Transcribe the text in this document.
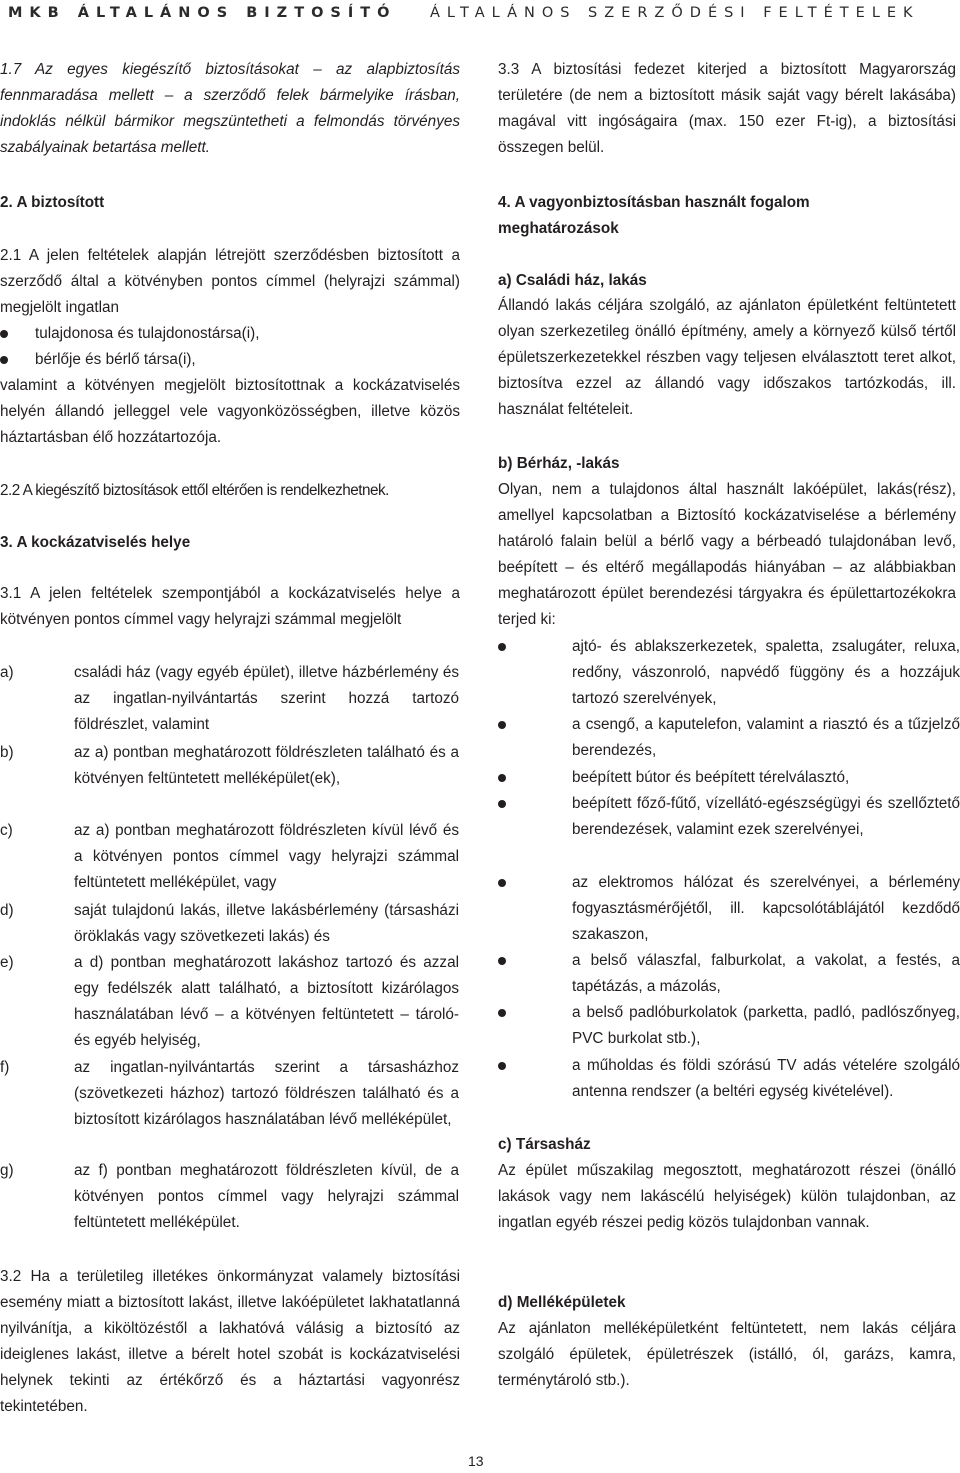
MKB ÁLTALÁNOS BIZTOSÍTÓ ÁLTALÁNOS SZERZŐDÉSI FELTÉTELEK

1.7 Az egyes kiegészítő biztosításokat – az alapbiztosítás fennmaradása mellett – a szerződő felek bármelyike írásban, indoklás nélkül bármikor megszüntetheti a felmondás törvényes szabályainak betartása mellett.

2. A biztosított

2.1 A jelen feltételek alapján létrejött szerződésben biztosított a szerződő által a kötvényben pontos címmel (helyrajzi számmal) megjelölt ingatlan

tulajdonosa és tulajdonostársa(i),
bérlője és bérlő társa(i),

valamint a kötvényen megjelölt biztosítottnak a kockázatviselés helyén állandó jelleggel vele vagyonközösségben, illetve közös háztartásban élő hozzátartozója.

2.2 A kiegészítő biztosítások ettől eltérően is rendelkezhetnek.

3. A kockázatviselés helye

3.1 A jelen feltételek szempontjából a kockázatviselés helye a kötvényen pontos címmel vagy helyrajzi számmal megjelölt

a)	családi ház (vagy egyéb épület), illetve házbérlemény és az ingatlan-nyilvántartás szerint hozzá tartozó földrészlet, valamint
b)	az a) pontban meghatározott földrészleten található és a kötvényen feltüntetett melléképület(ek),
c)	az a) pontban meghatározott földrészleten kívül lévő és a kötvényen pontos címmel vagy helyrajzi számmal feltüntetett melléképület, vagy
d)	saját tulajdonú lakás, illetve lakásbérlemény (társasházi öröklakás vagy szövetkezeti lakás) és
e)	a d) pontban meghatározott lakáshoz tartozó és azzal egy fedélszék alatt található, a biztosított kizárólagos használatában lévő – a kötvényen feltüntetett – tároló- és egyéb helyiség,
f)	az ingatlan-nyilvántartás szerint a társasházhoz (szövetkezeti házhoz) tartozó földrészen található és a biztosított kizárólagos használatában lévő melléképület,
g)	az f) pontban meghatározott földrészleten kívül, de a kötvényen pontos címmel vagy helyrajzi számmal feltüntetett melléképület.

3.2 Ha a területileg illetékes önkormányzat valamely biztosítási esemény miatt a biztosított lakást, illetve lakóépületet lakhatatlanná nyilvánítja, a kiköltözéstől a lakhatóvá válásig a biztosító az ideiglenes lakást, illetve a bérelt hotel szobát is kockázatviselési helynek tekinti az értékőrző és a háztartási vagyonrész tekintetében.

3.3 A biztosítási fedezet kiterjed a biztosított Magyarország területére (de nem a biztosított másik saját vagy bérelt lakásába) magával vitt ingóságaira (max. 150 ezer Ft-ig), a biztosítási összegen belül.

4. A vagyonbiztosításban használt fogalom meghatározások

a) Családi ház, lakás

Állandó lakás céljára szolgáló, az ajánlaton épületként feltüntetett olyan szerkezetileg önálló építmény, amely a környező külső tértől épületszerkezetekkel részben vagy teljesen elválasztott teret alkot, biztosítva ezzel az állandó vagy időszakos tartózkodás, ill. használat feltételeit.

b) Bérház, -lakás

Olyan, nem a tulajdonos által használt lakóépület, lakás(rész), amellyel kapcsolatban a Biztosító kockázatviselése a bérlemény határoló falain belül a bérlő vagy a bérbeadó tulajdonában levő, beépített – és eltérő megállapodás hiányában – az alábbiakban meghatározott épület berendezési tárgyakra és épülettartozékokra terjed ki:

ajtó- és ablakszerkezetek, spaletta, zsalugáter, reluxa, redőny, vászonroló, napvédő függöny és a hozzájuk tartozó szerelvények,
a csengő, a kaputelefon, valamint a riasztó és a tűzjelző berendezés,
beépített bútor és beépített térelválasztó,
beépített főző-fűtő, vízellátó-egészségügyi és szellőztető berendezések, valamint ezek szerelvényei,
az elektromos hálózat és szerelvényei, a bérlemény fogyasztásmérőjétől, ill. kapcsolótáblájától kezdődő szakaszon,
a belső válaszfal, falburkolat, a vakolat, a festés, a tapétázás, a mázolás,
a belső padlóburkolatok (parketta, padló, padlószőnyeg, PVC burkolat stb.),
a műholdas és földi szórású TV adás vételére szolgáló antenna rendszer (a beltéri egység kivételével).

c) Társasház

Az épület műszakilag megosztott, meghatározott részei (önálló lakások vagy nem lakáscélú helyiségek) külön tulajdonban, az ingatlan egyéb részei pedig közös tulajdonban vannak.

d) Melléképületek

Az ajánlaton melléképületként feltüntetett, nem lakás céljára szolgáló épületek, épületrészek (istálló, ól, garázs, kamra, terménytároló stb.).

13
